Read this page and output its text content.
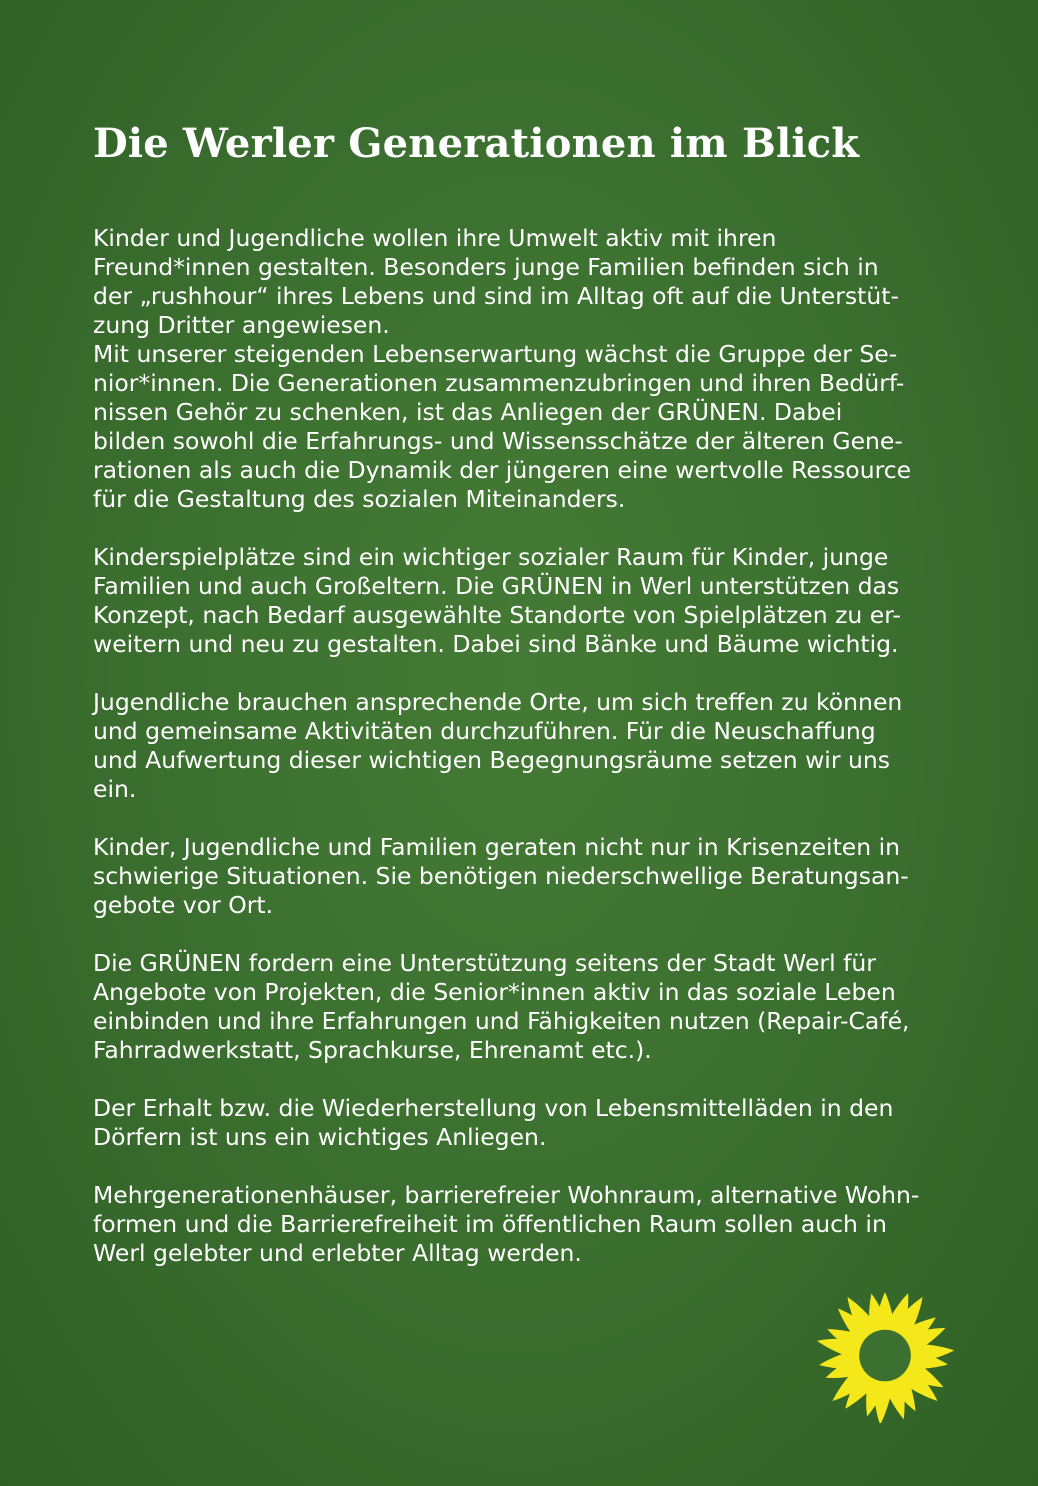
Die Werler Generationen im Blick

Kinder und Jugendliche wollen ihre Umwelt aktiv mit ihren
Freund*innen gestalten. Besonders junge Familien befinden sich in
der „rushhour“ ihres Lebens und sind im Alltag oft auf die Unterstüt-
zung Dritter angewiesen.
Mit unserer steigenden Lebenserwartung wächst die Gruppe der Se-
nior*innen. Die Generationen zusammenzubringen und ihren Bedürf-
nissen Gehör zu schenken, ist das Anliegen der GRÜNEN. Dabei
bilden sowohl die Erfahrungs- und Wissensschätze der älteren Gene-
rationen als auch die Dynamik der jüngeren eine wertvolle Ressource
für die Gestaltung des sozialen Miteinanders.

Kinderspielplätze sind ein wichtiger sozialer Raum für Kinder, junge
Familien und auch Großeltern. Die GRÜNEN in Werl unterstützen das
Konzept, nach Bedarf ausgewählte Standorte von Spielplätzen zu er-
weitern und neu zu gestalten. Dabei sind Bänke und Bäume wichtig.

Jugendliche brauchen ansprechende Orte, um sich treffen zu können
und gemeinsame Aktivitäten durchzuführen. Für die Neuschaffung
und Aufwertung dieser wichtigen Begegnungsräume setzen wir uns
ein.

Kinder, Jugendliche und Familien geraten nicht nur in Krisenzeiten in
schwierige Situationen. Sie benötigen niederschwellige Beratungsan-
gebote vor Ort.

Die GRÜNEN fordern eine Unterstützung seitens der Stadt Werl für
Angebote von Projekten, die Senior*innen aktiv in das soziale Leben
einbinden und ihre Erfahrungen und Fähigkeiten nutzen (Repair-Café,
Fahrradwerkstatt, Sprachkurse, Ehrenamt etc.).

Der Erhalt bzw. die Wiederherstellung von Lebensmittelläden in den
Dörfern ist uns ein wichtiges Anliegen.

Mehrgenerationenhäuser, barrierefreier Wohnraum, alternative Wohn-
formen und die Barrierefreiheit im öffentlichen Raum sollen auch in
Werl gelebter und erlebter Alltag werden.
